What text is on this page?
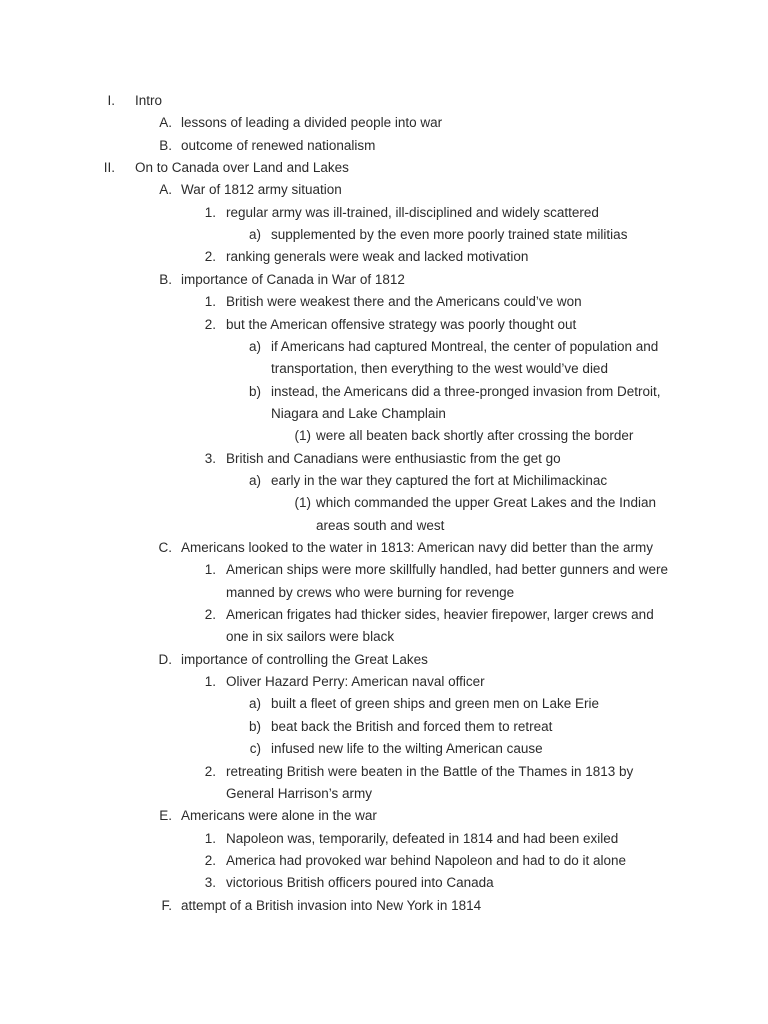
I. Intro
A. lessons of leading a divided people into war
B. outcome of renewed nationalism
II. On to Canada over Land and Lakes
A. War of 1812 army situation
1. regular army was ill-trained, ill-disciplined and widely scattered
a) supplemented by the even more poorly trained state militias
2. ranking generals were weak and lacked motivation
B. importance of Canada in War of 1812
1. British were weakest there and the Americans could’ve won
2. but the American offensive strategy was poorly thought out
a) if Americans had captured Montreal, the center of population and
transportation, then everything to the west would’ve died
b) instead, the Americans did a three-pronged invasion from Detroit,
Niagara and Lake Champlain
(1) were all beaten back shortly after crossing the border
3. British and Canadians were enthusiastic from the get go
a) early in the war they captured the fort at Michilimackinac
(1) which commanded the upper Great Lakes and the Indian
areas south and west
C. Americans looked to the water in 1813: American navy did better than the army
1. American ships were more skillfully handled, had better gunners and were
manned by crews who were burning for revenge
2. American frigates had thicker sides, heavier firepower, larger crews and
one in six sailors were black
D. importance of controlling the Great Lakes
1. Oliver Hazard Perry: American naval officer
a) built a fleet of green ships and green men on Lake Erie
b) beat back the British and forced them to retreat
c) infused new life to the wilting American cause
2. retreating British were beaten in the Battle of the Thames in 1813 by
General Harrison’s army
E. Americans were alone in the war
1. Napoleon was, temporarily, defeated in 1814 and had been exiled
2. America had provoked war behind Napoleon and had to do it alone
3. victorious British officers poured into Canada
F. attempt of a British invasion into New York in 1814
